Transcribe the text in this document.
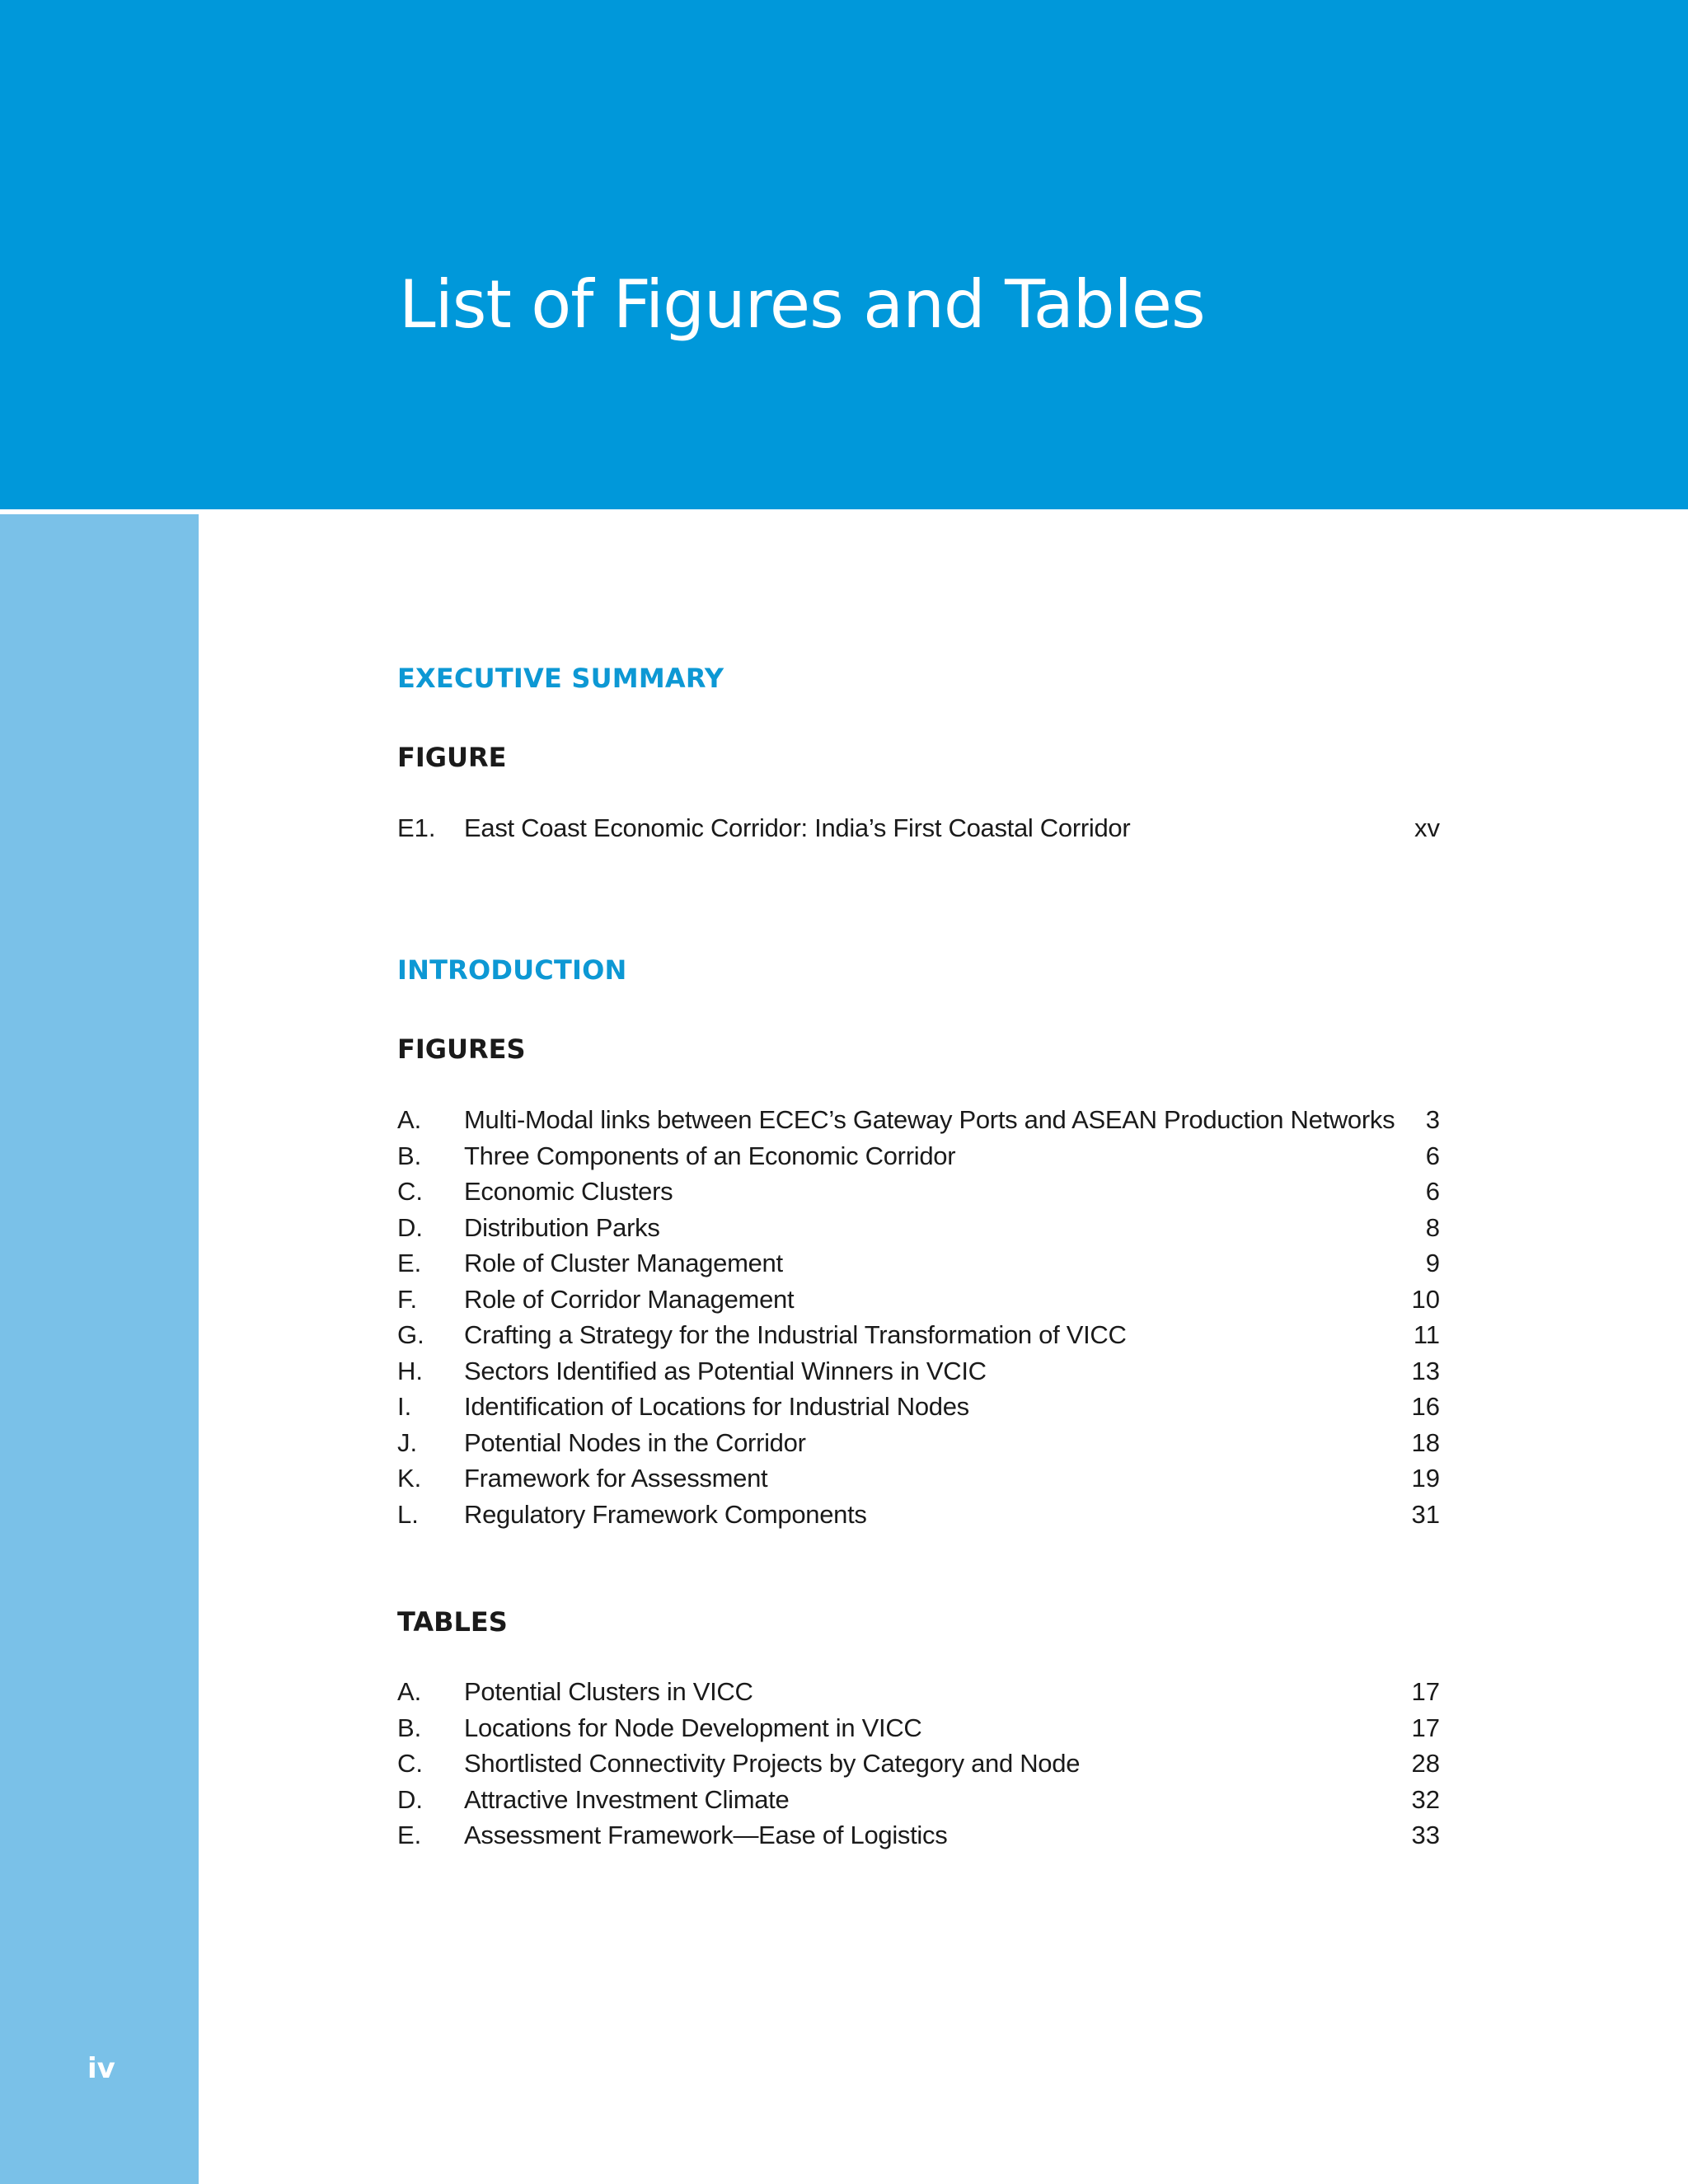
List of Figures and Tables
iv
EXECUTIVE SUMMARY
FIGURE
E1. East Coast Economic Corridor: India’s First Coastal Corridor	xv
INTRODUCTION
FIGURES
A. Multi-Modal links between ECEC’s Gateway Ports and ASEAN Production Networks 3
B. Three Components of an Economic Corridor	6
C. Economic Clusters	6
D. Distribution Parks	8
E. Role of Cluster Management	9
F. Role of Corridor Management	10
G. Crafting a Strategy for the Industrial Transformation of VICC	11
H. Sectors Identified as Potential Winners in VCIC	13
I. Identification of Locations for Industrial Nodes	16
J. Potential Nodes in the Corridor	18
K. Framework for Assessment	19
L. Regulatory Framework Components	31
TABLES
A. Potential Clusters in VICC	17
B. Locations for Node Development in VICC	17
C. Shortlisted Connectivity Projects by Category and Node	28
D. Attractive Investment Climate	32
E. Assessment Framework—Ease of Logistics	33
